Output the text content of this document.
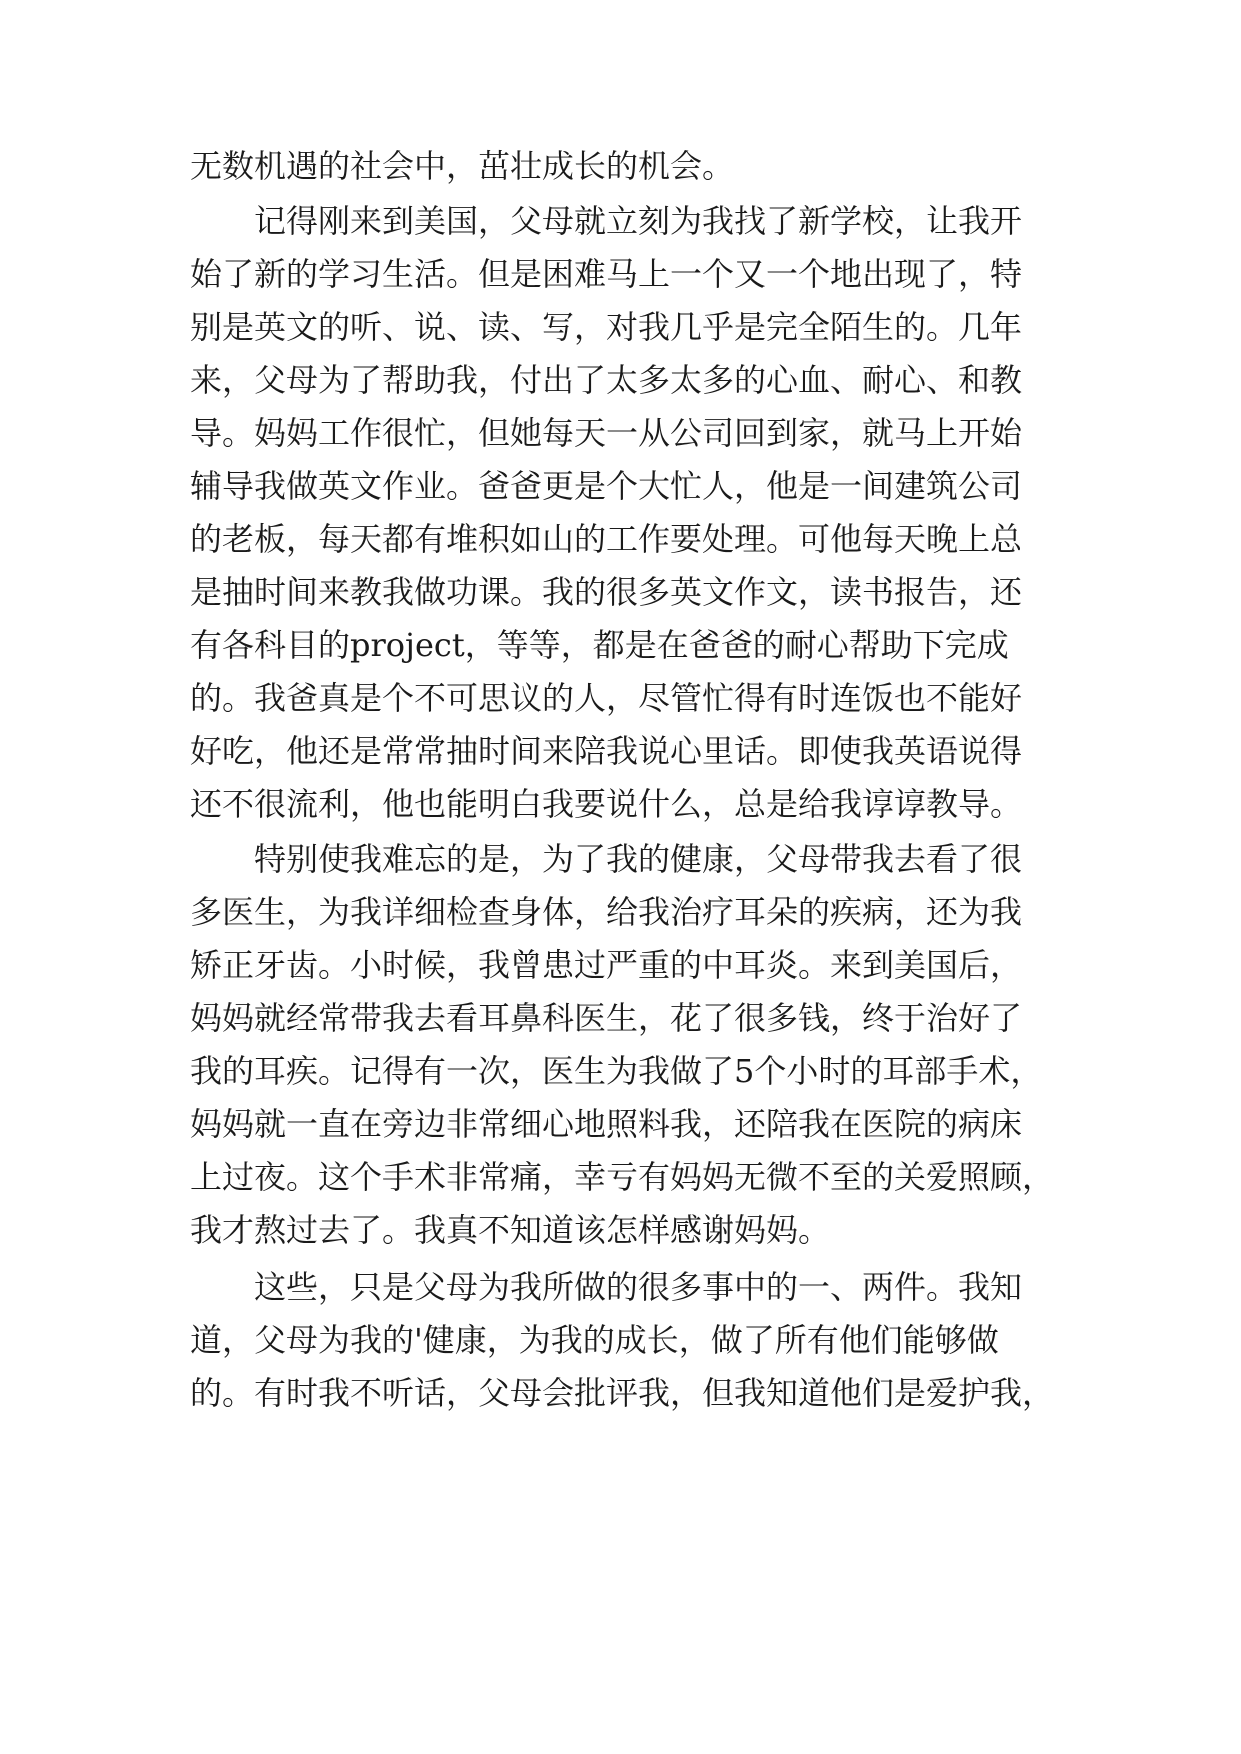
无数机遇的社会中，茁壮成长的机会。
记得刚来到美国，父母就立刻为我找了新学校，让我开
始了新的学习生活。但是困难马上一个又一个地出现了，特
别是英文的听、说、读、写，对我几乎是完全陌生的。几年
来，父母为了帮助我，付出了太多太多的心血、耐心、和教
导。妈妈工作很忙，但她每天一从公司回到家，就马上开始
辅导我做英文作业。爸爸更是个大忙人，他是一间建筑公司
的老板，每天都有堆积如山的工作要处理。可他每天晚上总
是抽时间来教我做功课。我的很多英文作文，读书报告，还
有各科目的project，等等，都是在爸爸的耐心帮助下完成
的。我爸真是个不可思议的人，尽管忙得有时连饭也不能好
好吃，他还是常常抽时间来陪我说心里话。即使我英语说得
还不很流利，他也能明白我要说什么，总是给我谆谆教导。
特别使我难忘的是，为了我的健康，父母带我去看了很
多医生，为我详细检查身体，给我治疗耳朵的疾病，还为我
矫正牙齿。小时候，我曾患过严重的中耳炎。来到美国后，
妈妈就经常带我去看耳鼻科医生，花了很多钱，终于治好了
我的耳疾。记得有一次，医生为我做了5个小时的耳部手术，
妈妈就一直在旁边非常细心地照料我，还陪我在医院的病床
上过夜。这个手术非常痛，幸亏有妈妈无微不至的关爱照顾，
我才熬过去了。我真不知道该怎样感谢妈妈。
这些，只是父母为我所做的很多事中的一、两件。我知
道，父母为我的'健康，为我的成长，做了所有他们能够做
的。有时我不听话，父母会批评我，但我知道他们是爱护我，
